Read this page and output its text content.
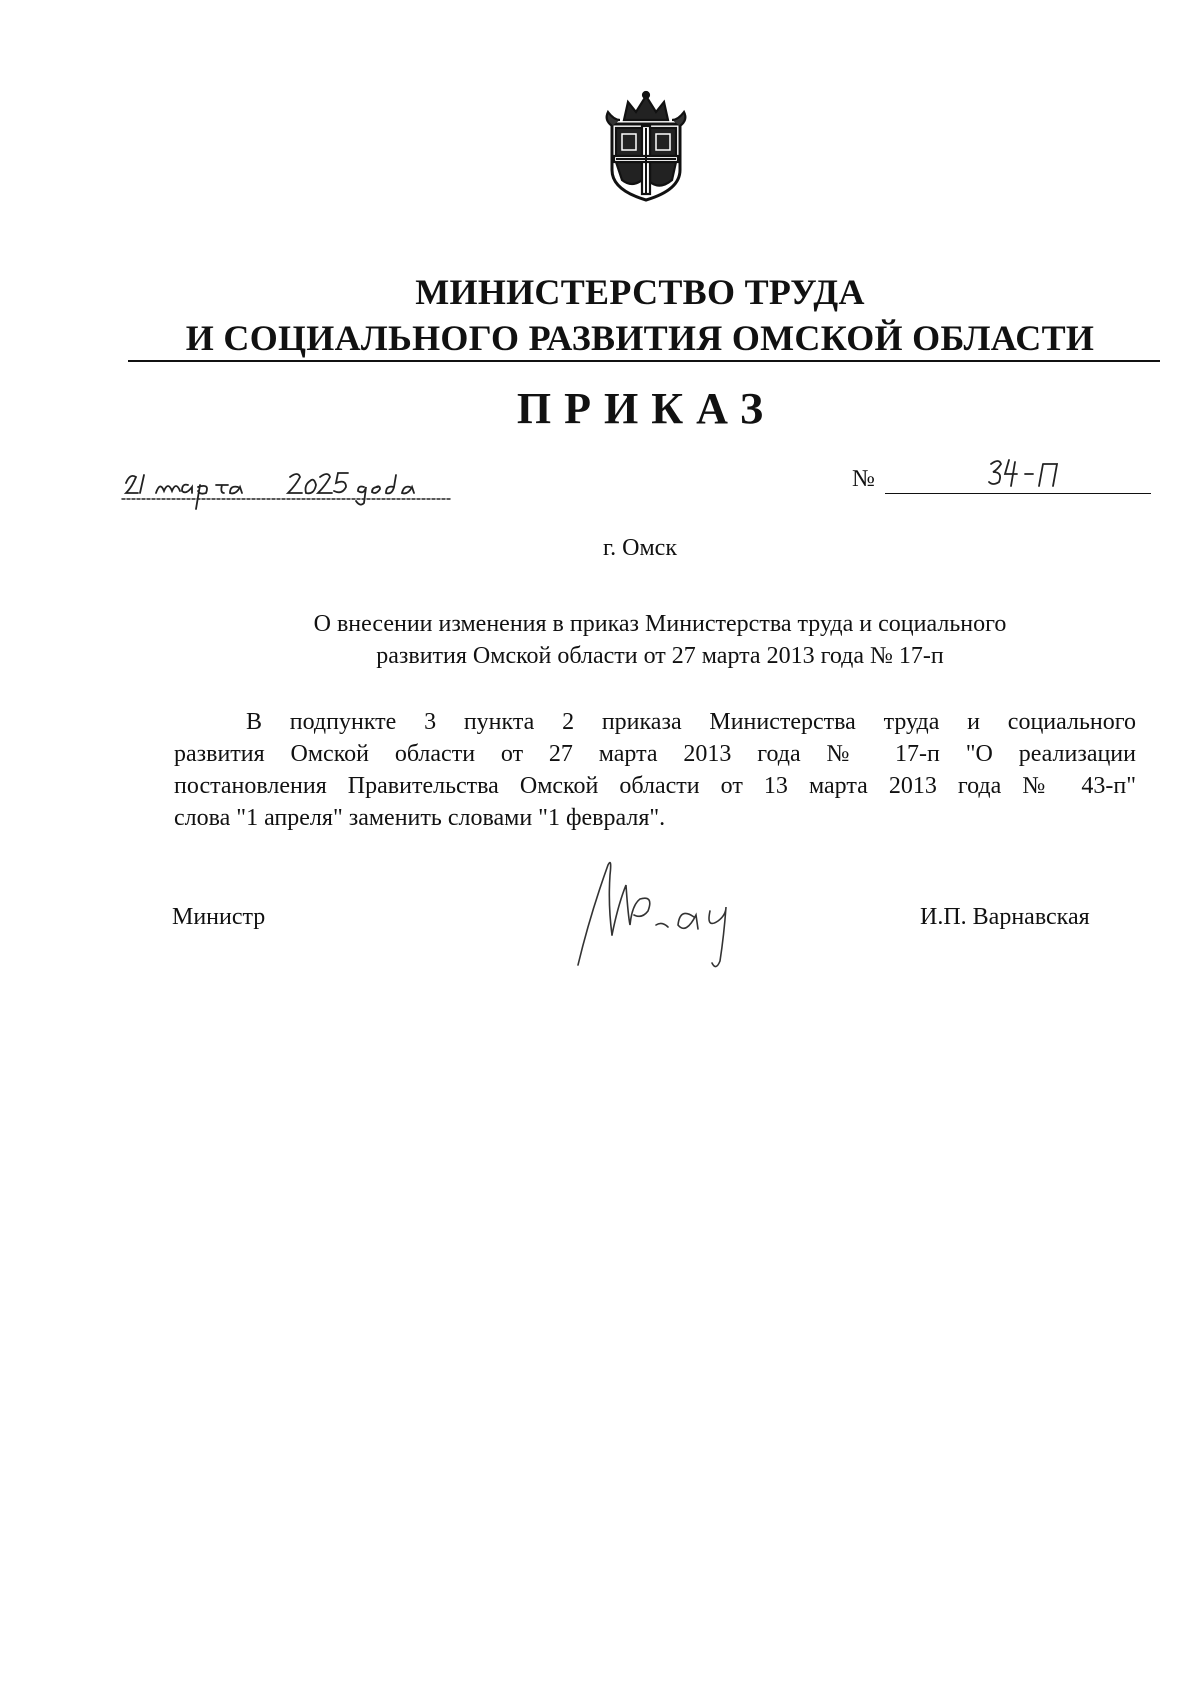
МИНИСТЕРСТВО ТРУДА
И СОЦИАЛЬНОГО РАЗВИТИЯ ОМСКОЙ ОБЛАСТИ
ПРИКАЗ
№
г. Омск
О внесении изменения в приказ Министерства труда и социального
развития Омской области от 27 марта 2013 года № 17-п
В подпункте 3 пункта 2 приказа Министерства труда и социального
развития Омской области от 27 марта 2013 года № 17-п "О реализации
постановления Правительства Омской области от 13 марта 2013 года № 43-п"
слова "1 апреля" заменить словами "1 февраля".
Министр	И.П. Варнавская
